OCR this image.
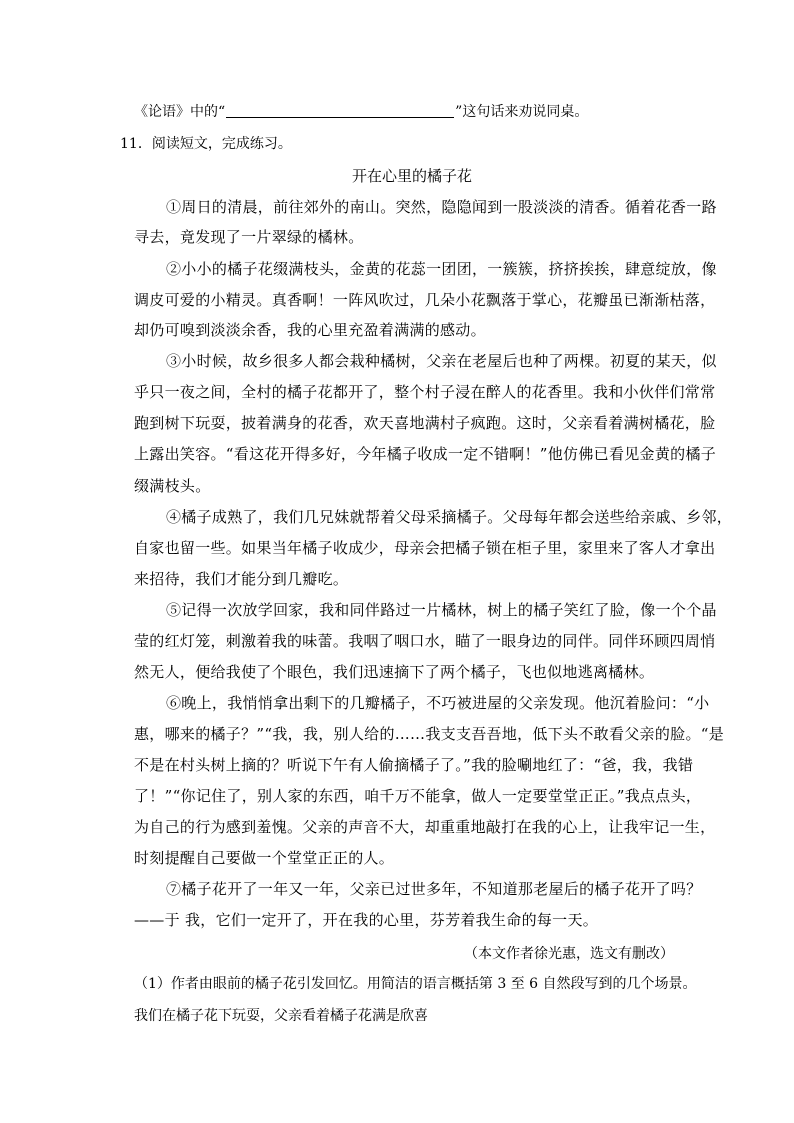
《论语》中的“	”这句话来劝说同桌。
11．阅读短文，完成练习。
开在心里的橘子花
①周日的清晨，前往郊外的南山。突然，隐隐闻到一股淡淡的清香。循着花香一路
寻去，竟发现了一片翠绿的橘林。
②小小的橘子花缀满枝头，金黄的花蕊一团团，一簇簇，挤挤挨挨，肆意绽放，像
调皮可爱的小精灵。真香啊！一阵风吹过，几朵小花飘落于掌心，花瓣虽已渐渐枯落，
却仍可嗅到淡淡余香，我的心里充盈着满满的感动。
③小时候，故乡很多人都会栽种橘树，父亲在老屋后也种了两棵。初夏的某天，似
乎只一夜之间，全村的橘子花都开了，整个村子浸在醉人的花香里。我和小伙伴们常常
跑到树下玩耍，披着满身的花香，欢天喜地满村子疯跑。这时，父亲看着满树橘花，脸
上露出笑容。“看这花开得多好，今年橘子收成一定不错啊！”他仿佛已看见金黄的橘子
缀满枝头。
④橘子成熟了，我们几兄妹就帮着父母采摘橘子。父母每年都会送些给亲戚、乡邻，
自家也留一些。如果当年橘子收成少，母亲会把橘子锁在柜子里，家里来了客人才拿出
来招待，我们才能分到几瓣吃。
⑤记得一次放学回家，我和同伴路过一片橘林，树上的橘子笑红了脸，像一个个晶
莹的红灯笼，刺激着我的味蕾。我咽了咽口水，瞄了一眼身边的同伴。同伴环顾四周悄
然无人，便给我使了个眼色，我们迅速摘下了两个橘子，飞也似地逃离橘林。
⑥晚上，我悄悄拿出剩下的几瓣橘子，不巧被进屋的父亲发现。他沉着脸问：“小
惠，哪来的橘子？”“我，我，别人给的……我支支吾吾地，低下头不敢看父亲的脸。“是
不是在村头树上摘的？听说下午有人偷摘橘子了。”我的脸唰地红了：“爸，我，我错
了！”“你记住了，别人家的东西，咱千万不能拿，做人一定要堂堂正正。”我点点头，
为自己的行为感到羞愧。父亲的声音不大，却重重地敲打在我的心上，让我牢记一生，
时刻提醒自己要做一个堂堂正正的人。
⑦橘子花开了一年又一年，父亲已过世多年，不知道那老屋后的橘子花开了吗？
——于 我，它们一定开了，开在我的心里，芬芳着我生命的每一天。
（本文作者徐光惠，选文有删改）
（1）作者由眼前的橘子花引发回忆。用简洁的语言概括第 3 至 6 自然段写到的几个场景。
我们在橘子花下玩耍，父亲看着橘子花满是欣喜
